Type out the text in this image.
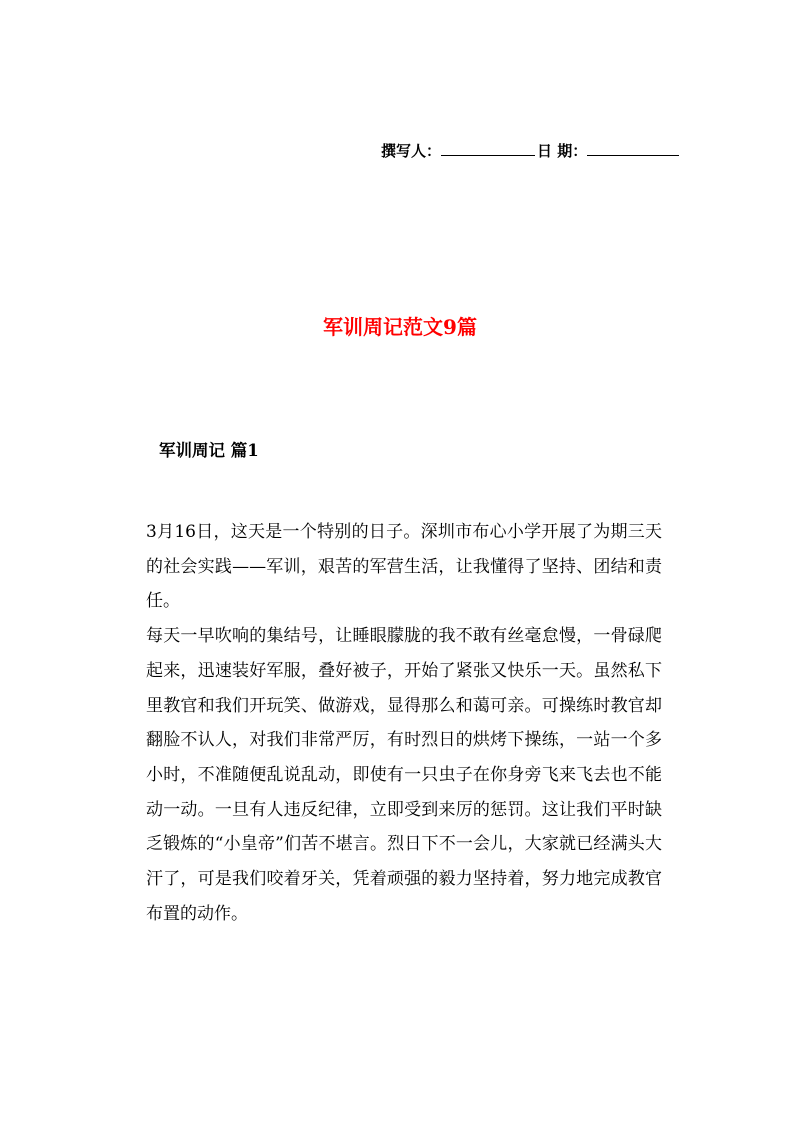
撰写人：	日 期：
军训周记范文9篇
军训周记 篇1

3月16日，这天是一个特别的日子。深圳市布心小学开展了为期三天的社会实践——军训，艰苦的军营生活，让我懂得了坚持、团结和责任。

每天一早吹响的集结号，让睡眼朦胧的我不敢有丝毫怠慢，一骨碌爬起来，迅速装好军服，叠好被子，开始了紧张又快乐一天。虽然私下里教官和我们开玩笑、做游戏，显得那么和蔼可亲。可操练时教官却翻脸不认人，对我们非常严厉，有时烈日的烘烤下操练，一站一个多小时，不准随便乱说乱动，即使有一只虫子在你身旁飞来飞去也不能动一动。一旦有人违反纪律，立即受到来厉的惩罚。这让我们平时缺乏锻炼的“小皇帝”们苦不堪言。烈日下不一会儿，大家就已经满头大汗了，可是我们咬着牙关，凭着顽强的毅力坚持着，努力地完成教官布置的动作。
